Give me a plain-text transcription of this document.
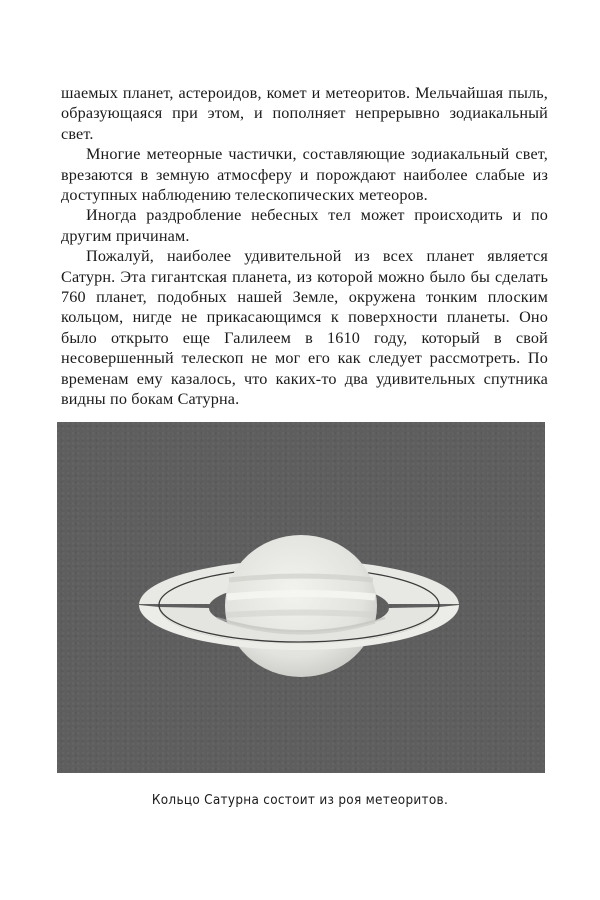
шаемых планет, астероидов, комет и метеоритов. Мельчайшая пыль, образующаяся при этом, и пополняет непрерывно зодиакальный свет.

Многие метеорные частички, составляющие зодиакальный свет, врезаются в земную атмосферу и порождают наиболее слабые из доступных наблюдению телескопических метеоров.

Иногда раздробление небесных тел может происходить и по другим причинам.

Пожалуй, наиболее удивительной из всех планет является Сатурн. Эта гигантская планета, из которой можно было бы сделать 760 планет, подобных нашей Земле, окружена тонким плоским кольцом, нигде не прикасающимся к поверхности планеты. Оно было открыто еще Галилеем в 1610 году, который в свой несовершенный телескоп не мог его как следует рассмотреть. По временам ему казалось, что каких-то два удивительных спутника видны по бокам Сатурна.

Кольцо Сатурна состоит из роя метеоритов.
